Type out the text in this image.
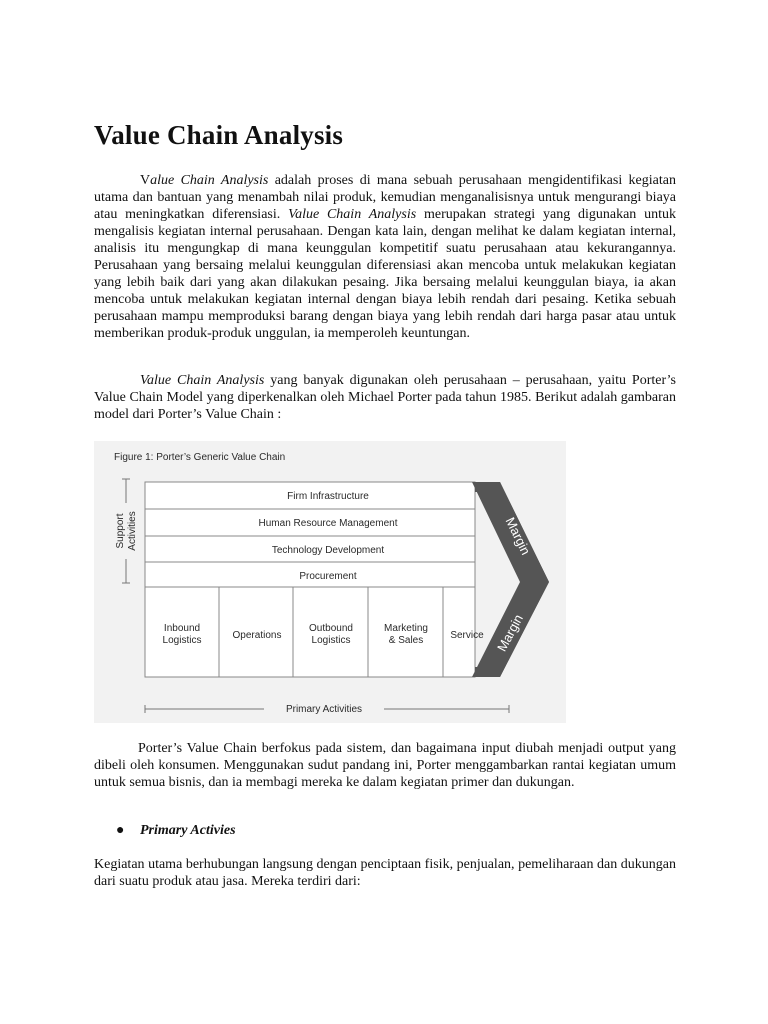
Value Chain Analysis

Value Chain Analysis adalah proses di mana sebuah perusahaan mengidentifikasi kegiatan utama dan bantuan yang menambah nilai produk, kemudian menganalisisnya untuk mengurangi biaya atau meningkatkan diferensiasi. Value Chain Analysis merupakan strategi yang digunakan untuk mengalisis kegiatan internal perusahaan. Dengan kata lain, dengan melihat ke dalam kegiatan internal, analisis itu mengungkap di mana keunggulan kompetitif suatu perusahaan atau kekurangannya. Perusahaan yang bersaing melalui keunggulan diferensiasi akan mencoba untuk melakukan kegiatan yang lebih baik dari yang akan dilakukan pesaing. Jika bersaing melalui keunggulan biaya, ia akan mencoba untuk melakukan kegiatan internal dengan biaya lebih rendah dari pesaing. Ketika sebuah perusahaan mampu memproduksi barang dengan biaya yang lebih rendah dari harga pasar atau untuk memberikan produk-produk unggulan, ia memperoleh keuntungan.

Value Chain Analysis yang banyak digunakan oleh perusahaan – perusahaan, yaitu Porter’s Value Chain Model yang diperkenalkan oleh Michael Porter pada tahun 1985. Berikut adalah gambaran model dari Porter’s Value Chain :

Figure 1: Porter’s Generic Value Chain
Support Activities
Firm Infrastructure
Human Resource Management
Technology Development
Procurement
Inbound
Logistics	Operations
Outbound
Logistics
Marketing
& Sales	Service
Margin
Margin
Primary Activities

Porter’s Value Chain berfokus pada sistem, dan bagaimana input diubah menjadi output yang dibeli oleh konsumen. Menggunakan sudut pandang ini, Porter menggambarkan rantai kegiatan umum untuk semua bisnis, dan ia membagi mereka ke dalam kegiatan primer dan dukungan.

● Primary Activies

Kegiatan utama berhubungan langsung dengan penciptaan fisik, penjualan, pemeliharaan dan dukungan dari suatu produk atau jasa. Mereka terdiri dari:
